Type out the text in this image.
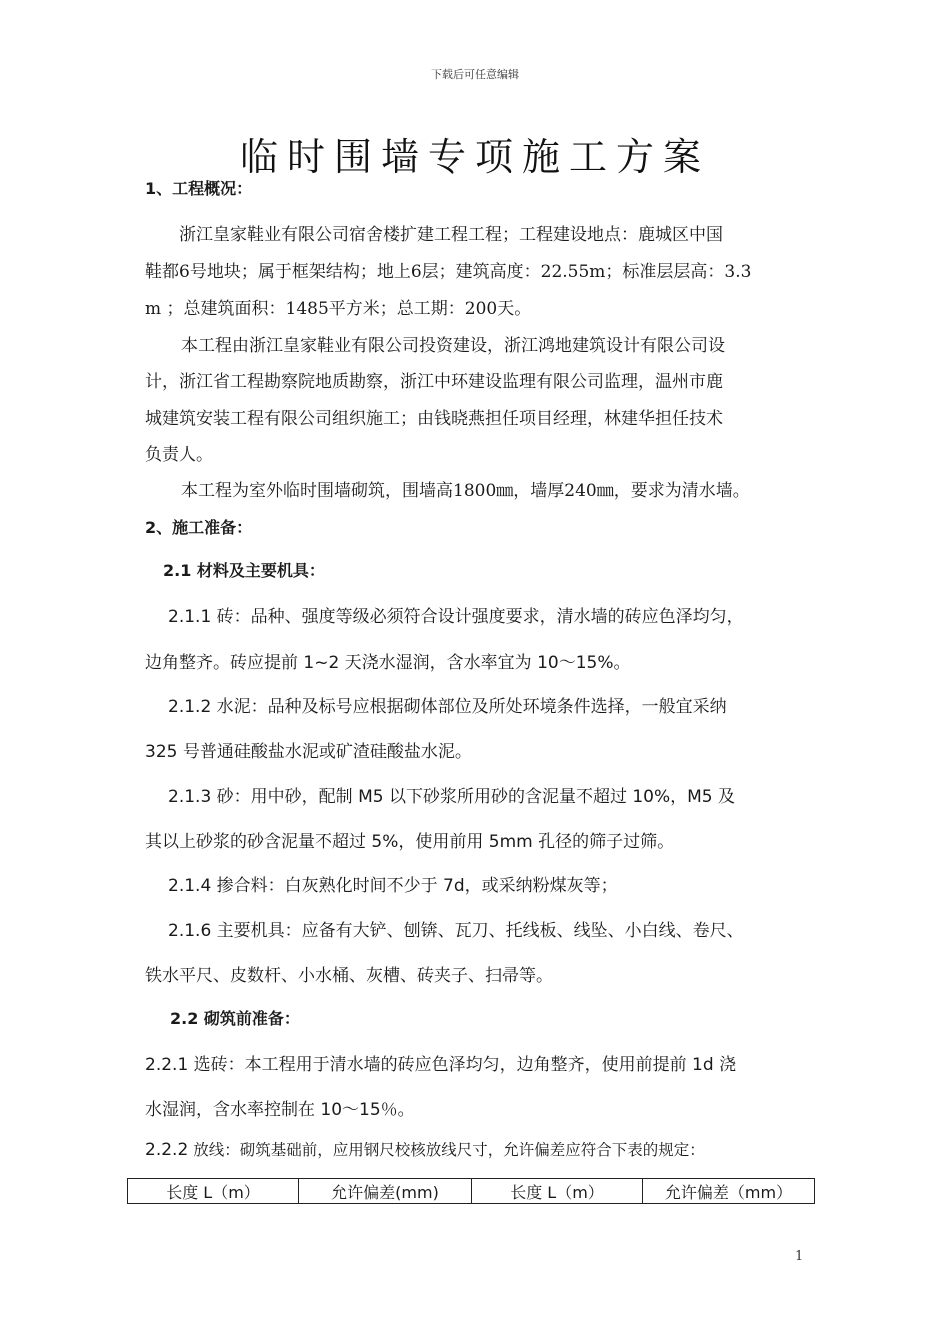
下载后可任意编辑
临时围墙专项施工方案
1、工程概况：
浙江皇家鞋业有限公司宿舍楼扩建工程工程；工程建设地点：鹿城区中国
鞋都6号地块；属于框架结构；地上6层；建筑高度：22.55m；标准层层高：3.3
m ；总建筑面积：1485平方米；总工期：200天。
本工程由浙江皇家鞋业有限公司投资建设，浙江鸿地建筑设计有限公司设
计，浙江省工程勘察院地质勘察，浙江中环建设监理有限公司监理，温州市鹿
城建筑安装工程有限公司组织施工；由钱晓燕担任项目经理，林建华担任技术
负责人。
本工程为室外临时围墙砌筑，围墙高1800㎜，墙厚240㎜，要求为清水墙。
2、施工准备：
2.1 材料及主要机具：
2.1.1 砖：品种、强度等级必须符合设计强度要求，清水墙的砖应色泽均匀，
边角整齐。砖应提前 1~2 天浇水湿润，含水率宜为 10～15%。
2.1.2 水泥：品种及标号应根据砌体部位及所处环境条件选择，一般宜采纳
325 号普通硅酸盐水泥或矿渣硅酸盐水泥。
2.1.3 砂：用中砂，配制 M5 以下砂浆所用砂的含泥量不超过 10%，M5 及
其以上砂浆的砂含泥量不超过 5%，使用前用 5mm 孔径的筛子过筛。
2.1.4 掺合料：白灰熟化时间不少于 7d，或采纳粉煤灰等；
2.1.6 主要机具：应备有大铲、刨锛、瓦刀、托线板、线坠、小白线、卷尺、
铁水平尺、皮数杆、小水桶、灰槽、砖夹子、扫帚等。
2.2 砌筑前准备：
2.2.1 选砖：本工程用于清水墙的砖应色泽均匀，边角整齐，使用前提前 1d 浇
水湿润，含水率控制在 10～15％。
2.2.2 放线：砌筑基础前，应用钢尺校核放线尺寸，允许偏差应符合下表的规定：
长度 L（m）	允许偏差(mm)	长度 L（m）	允许偏差（mm）
1
